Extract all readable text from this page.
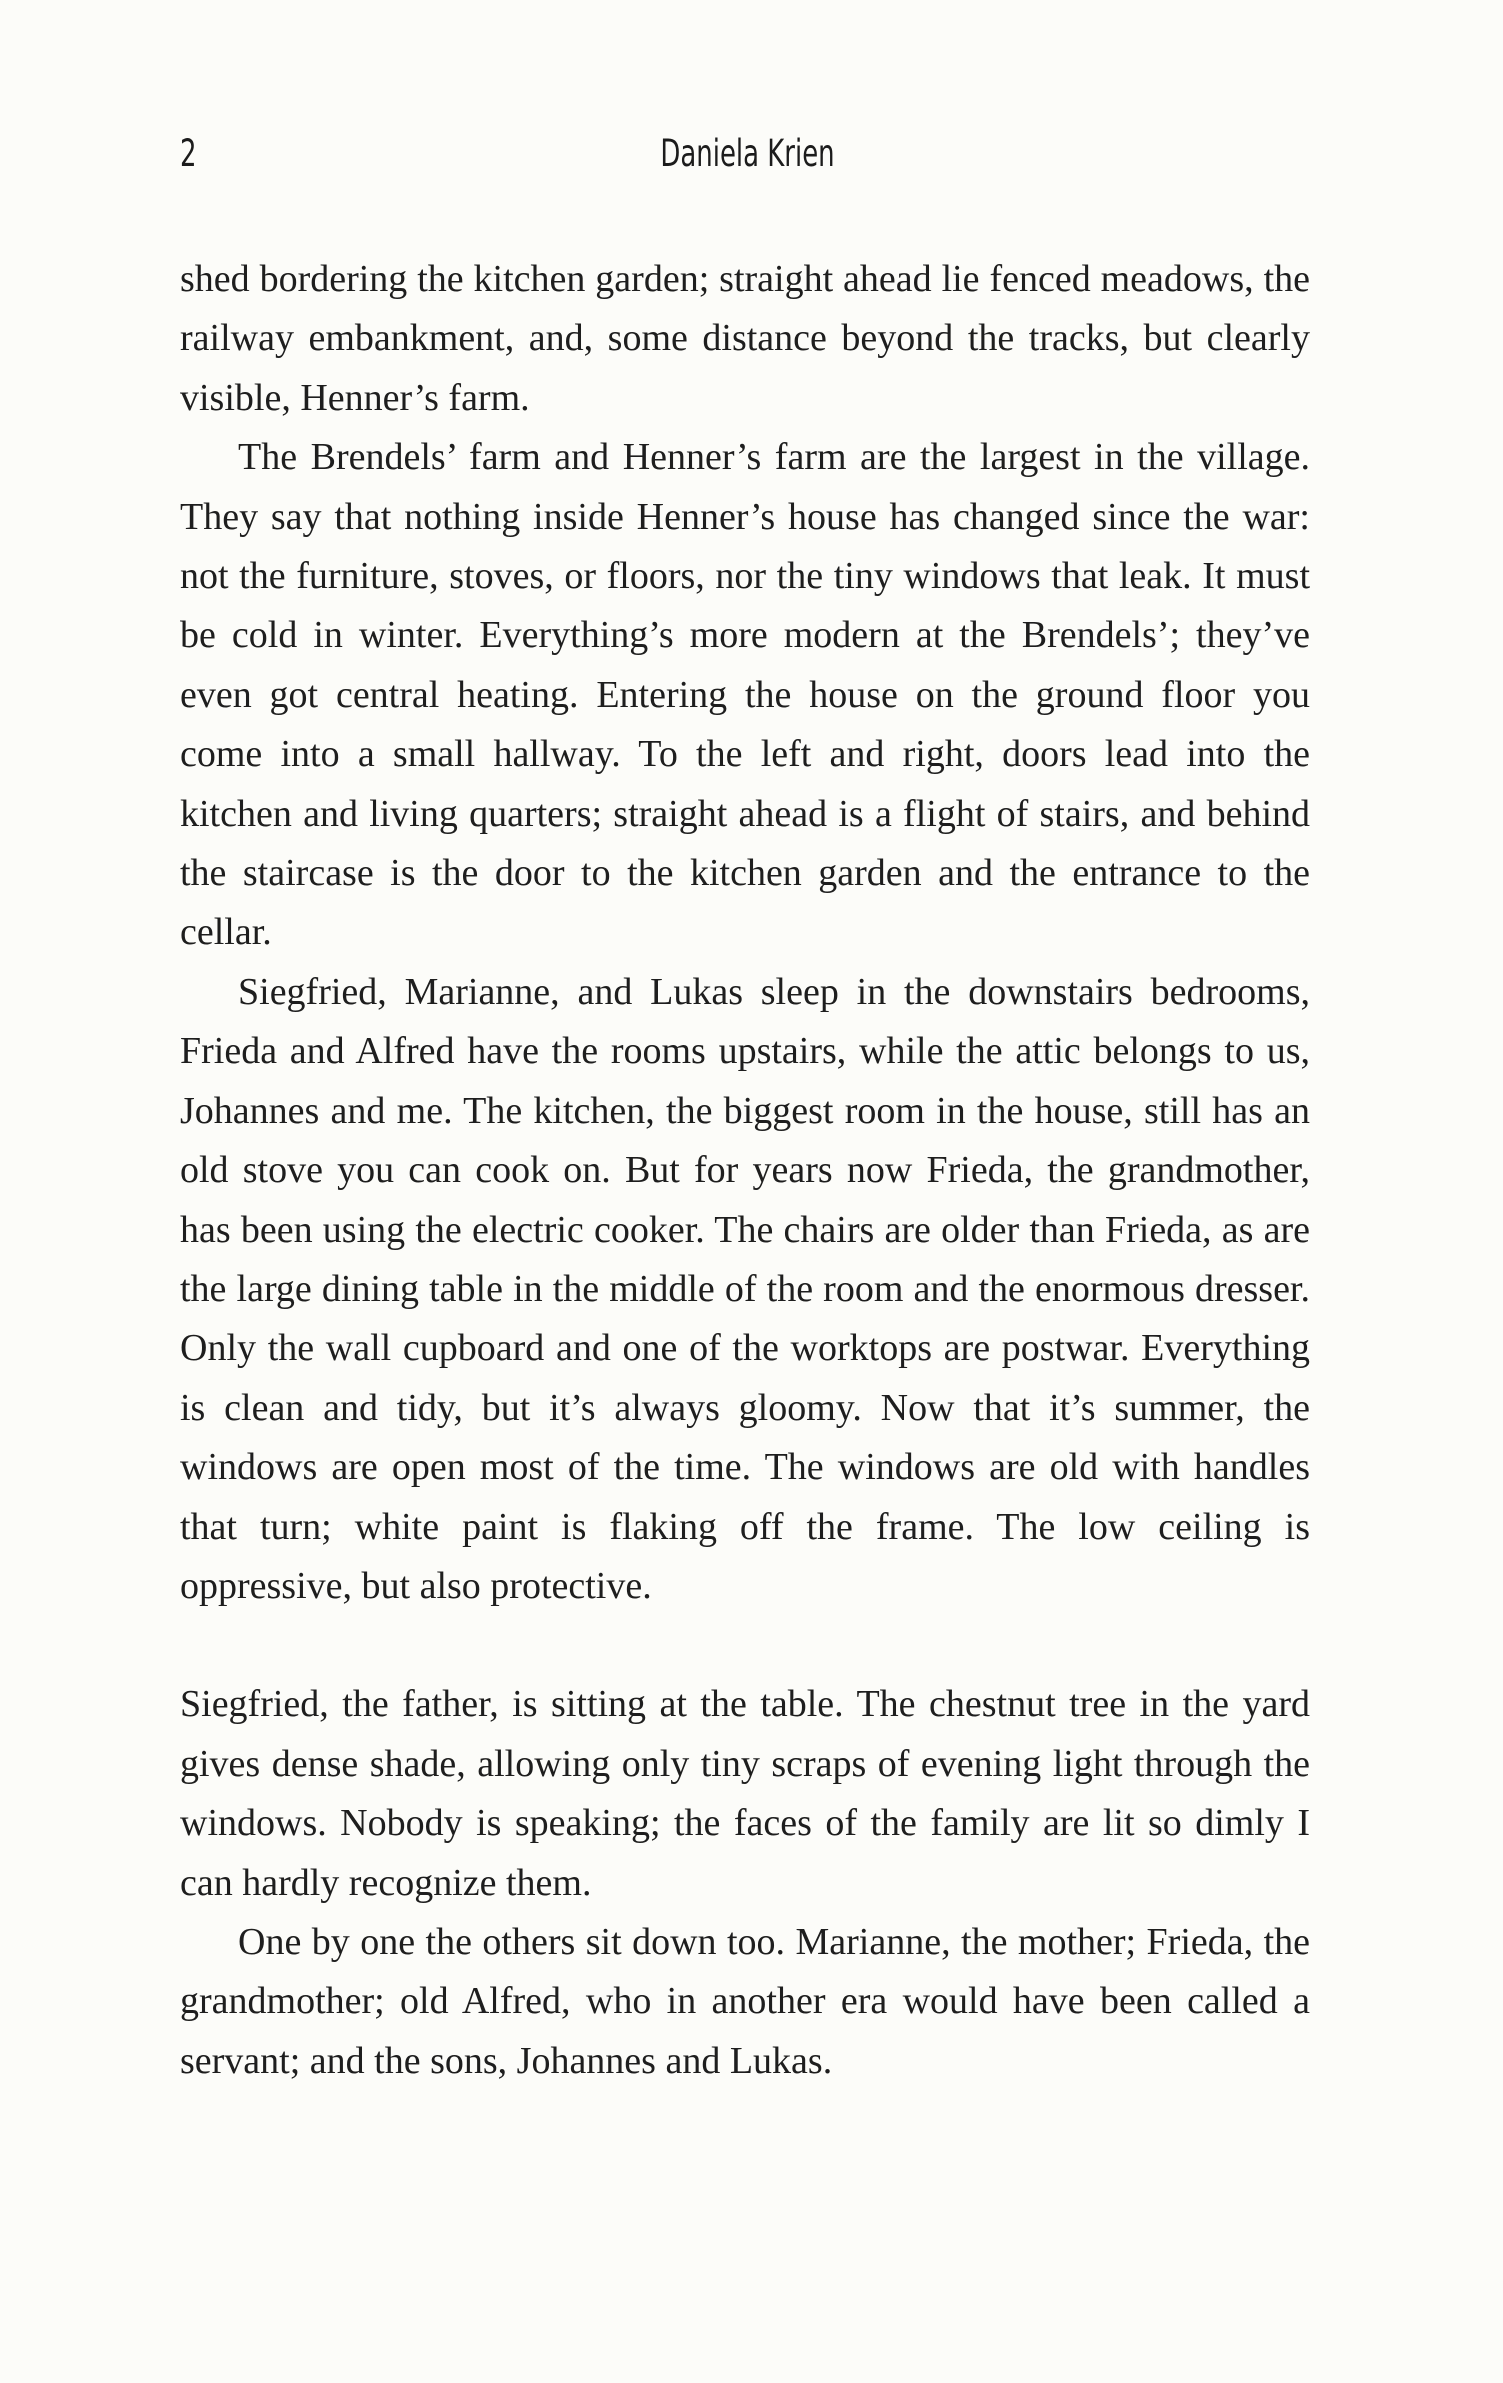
2	Daniela Krien

shed bordering the kitchen garden; straight ahead lie fenced meadows, the railway embankment, and, some distance beyond the tracks, but clearly visible, Henner’s farm.

The Brendels’ farm and Henner’s farm are the largest in the village. They say that nothing inside Henner’s house has changed since the war: not the furniture, stoves, or floors, nor the tiny windows that leak. It must be cold in winter. Everything’s more modern at the Brendels’; they’ve even got central heating. Entering the house on the ground floor you come into a small hallway. To the left and right, doors lead into the kitchen and living quarters; straight ahead is a flight of stairs, and behind the staircase is the door to the kitchen garden and the entrance to the cellar.

Siegfried, Marianne, and Lukas sleep in the downstairs bedrooms, Frieda and Alfred have the rooms upstairs, while the attic belongs to us, Johannes and me. The kitchen, the biggest room in the house, still has an old stove you can cook on. But for years now Frieda, the grandmother, has been using the electric cooker. The chairs are older than Frieda, as are the large dining table in the middle of the room and the enormous dresser. Only the wall cupboard and one of the worktops are postwar. Everything is clean and tidy, but it’s always gloomy. Now that it’s summer, the windows are open most of the time. The windows are old with handles that turn; white paint is flaking off the frame. The low ceiling is oppressive, but also protective.

Siegfried, the father, is sitting at the table. The chestnut tree in the yard gives dense shade, allowing only tiny scraps of evening light through the windows. Nobody is speaking; the faces of the family are lit so dimly I can hardly recognize them.

One by one the others sit down too. Marianne, the mother; Frieda, the grandmother; old Alfred, who in another era would have been called a servant; and the sons, Johannes and Lukas.
